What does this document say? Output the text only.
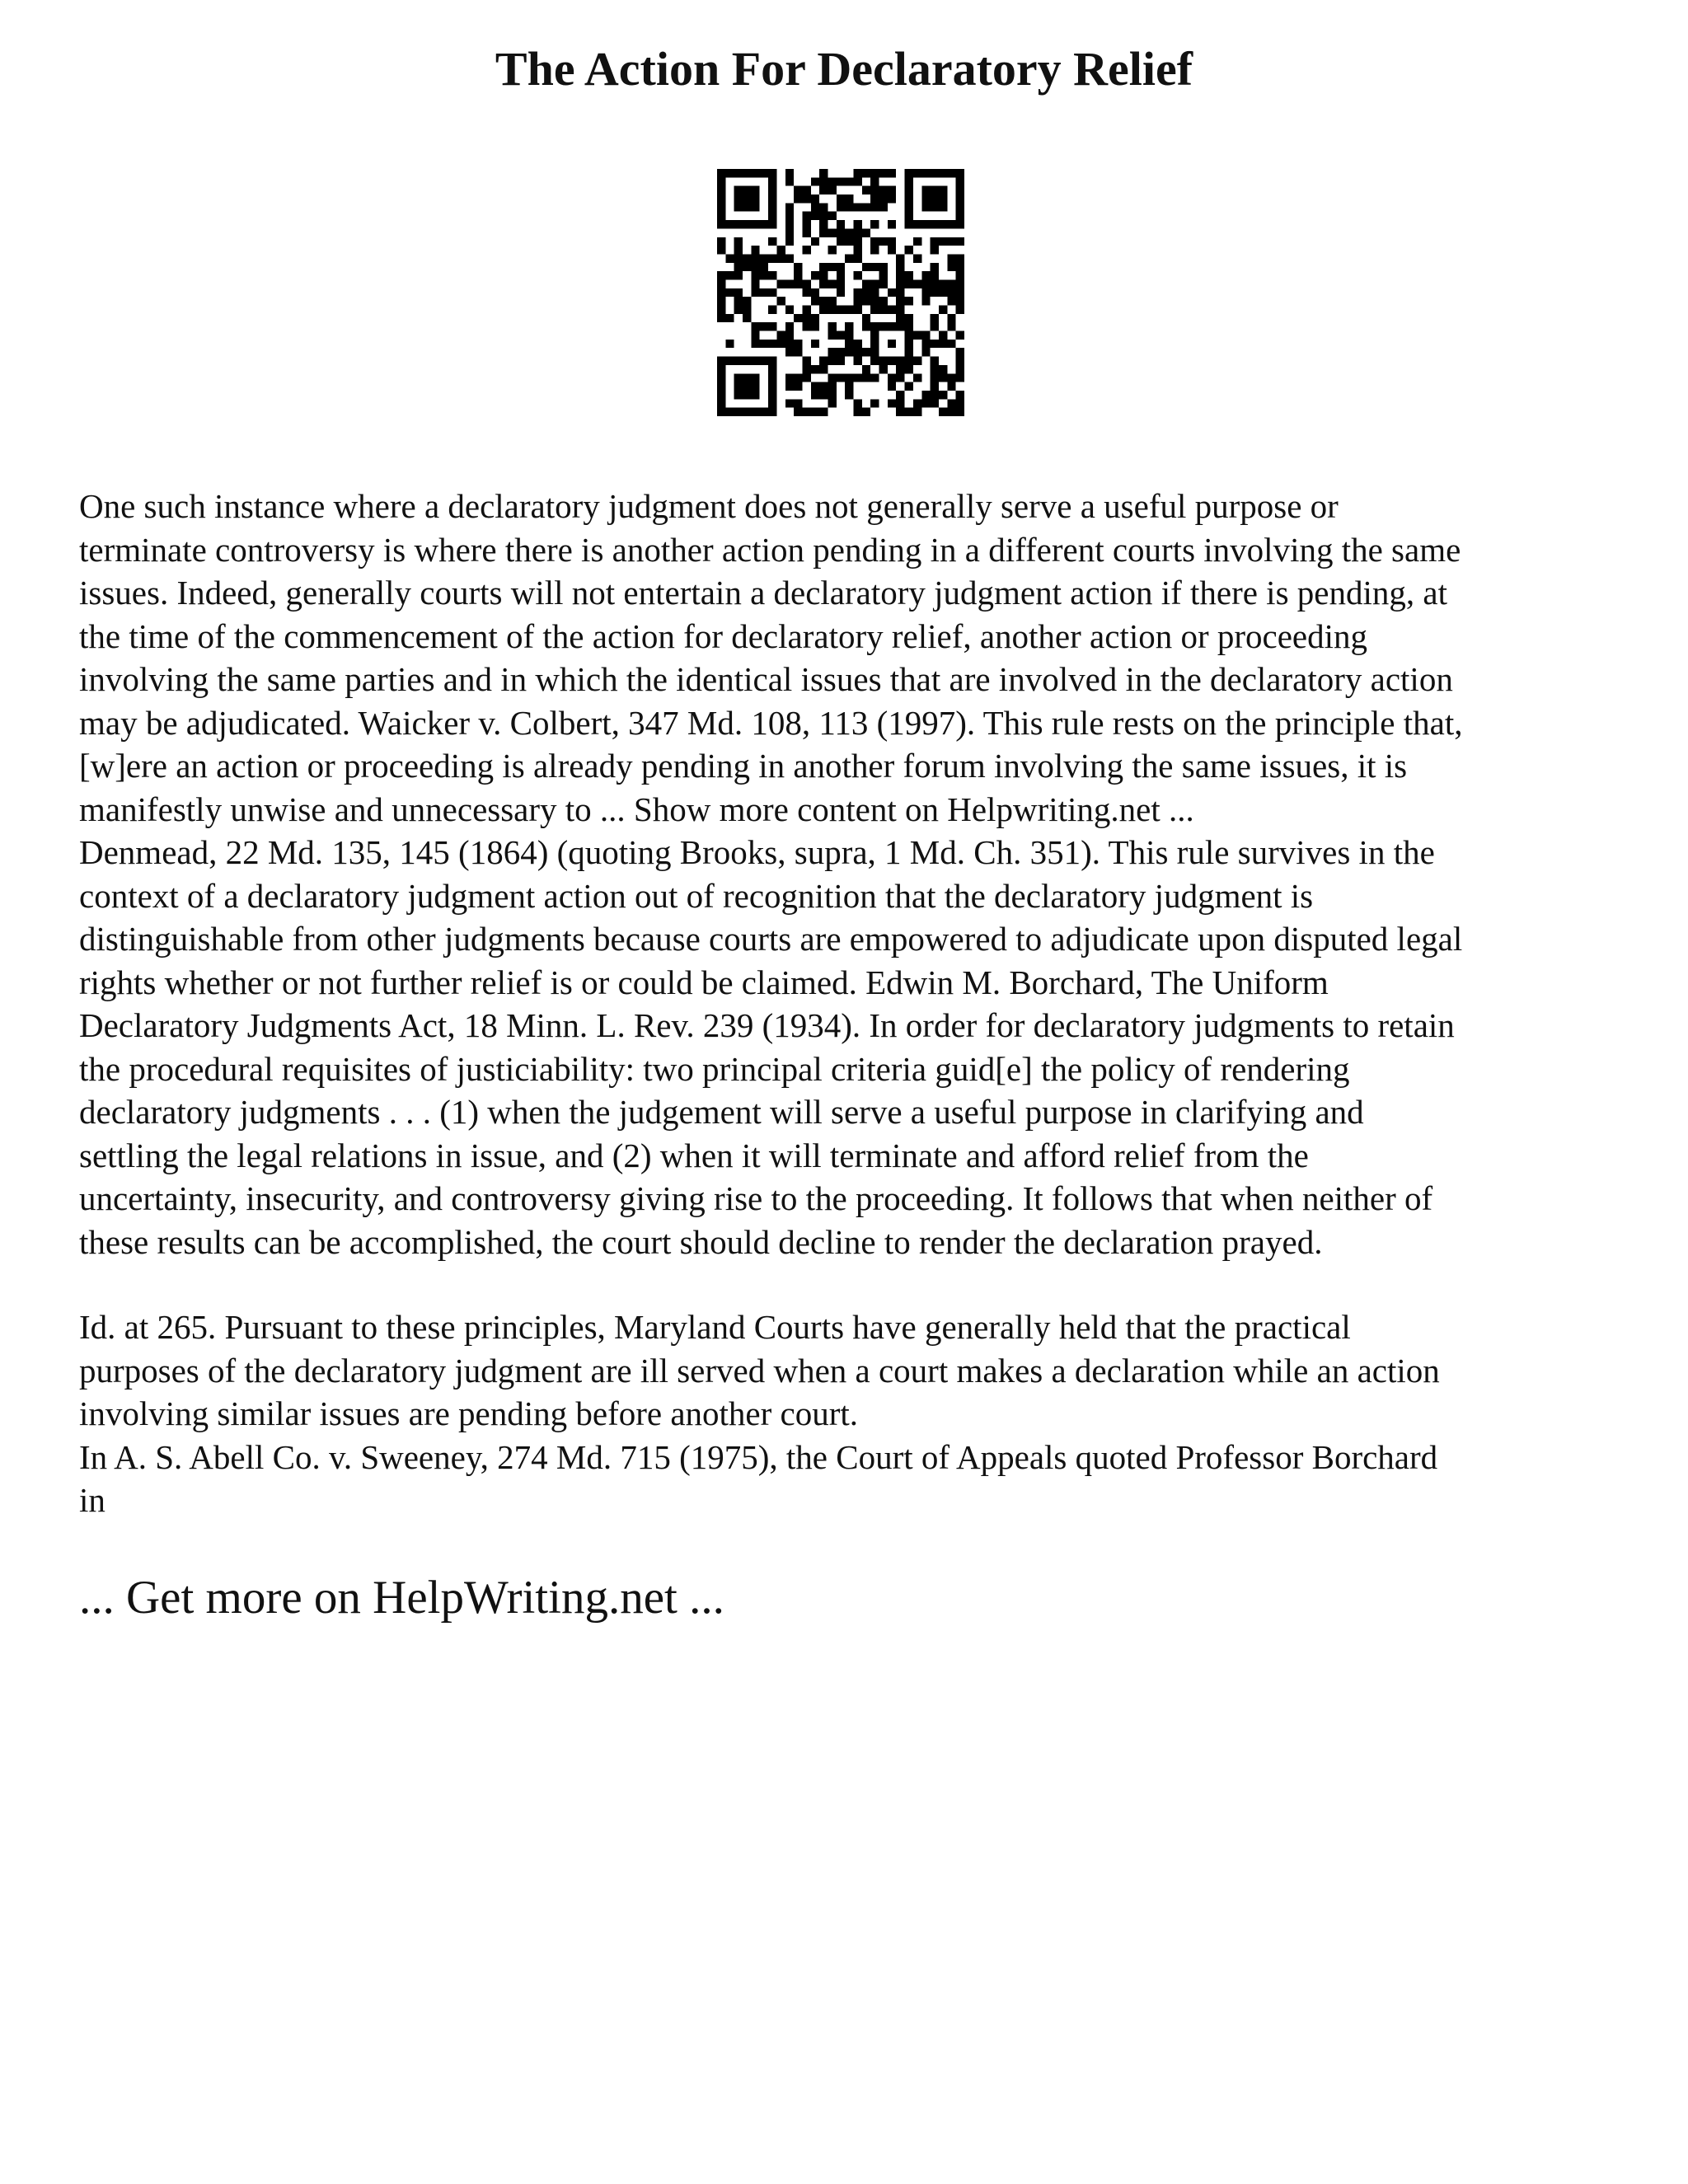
The Action For Declaratory Relief
One such instance where a declaratory judgment does not generally serve a useful purpose or
terminate controversy is where there is another action pending in a different courts involving the same
issues. Indeed, generally courts will not entertain a declaratory judgment action if there is pending, at
the time of the commencement of the action for declaratory relief, another action or proceeding
involving the same parties and in which the identical issues that are involved in the declaratory action
may be adjudicated. Waicker v. Colbert, 347 Md. 108, 113 (1997). This rule rests on the principle that,
[w]ere an action or proceeding is already pending in another forum involving the same issues, it is
manifestly unwise and unnecessary to ... Show more content on Helpwriting.net ...
Denmead, 22 Md. 135, 145 (1864) (quoting Brooks, supra, 1 Md. Ch. 351). This rule survives in the
context of a declaratory judgment action out of recognition that the declaratory judgment is
distinguishable from other judgments because courts are empowered to adjudicate upon disputed legal
rights whether or not further relief is or could be claimed. Edwin M. Borchard, The Uniform
Declaratory Judgments Act, 18 Minn. L. Rev. 239 (1934). In order for declaratory judgments to retain
the procedural requisites of justiciability: two principal criteria guid[e] the policy of rendering
declaratory judgments . . . (1) when the judgement will serve a useful purpose in clarifying and
settling the legal relations in issue, and (2) when it will terminate and afford relief from the
uncertainty, insecurity, and controversy giving rise to the proceeding. It follows that when neither of
these results can be accomplished, the court should decline to render the declaration prayed.
Id. at 265. Pursuant to these principles, Maryland Courts have generally held that the practical
purposes of the declaratory judgment are ill served when a court makes a declaration while an action
involving similar issues are pending before another court.
In A. S. Abell Co. v. Sweeney, 274 Md. 715 (1975), the Court of Appeals quoted Professor Borchard
in
... Get more on HelpWriting.net ...
